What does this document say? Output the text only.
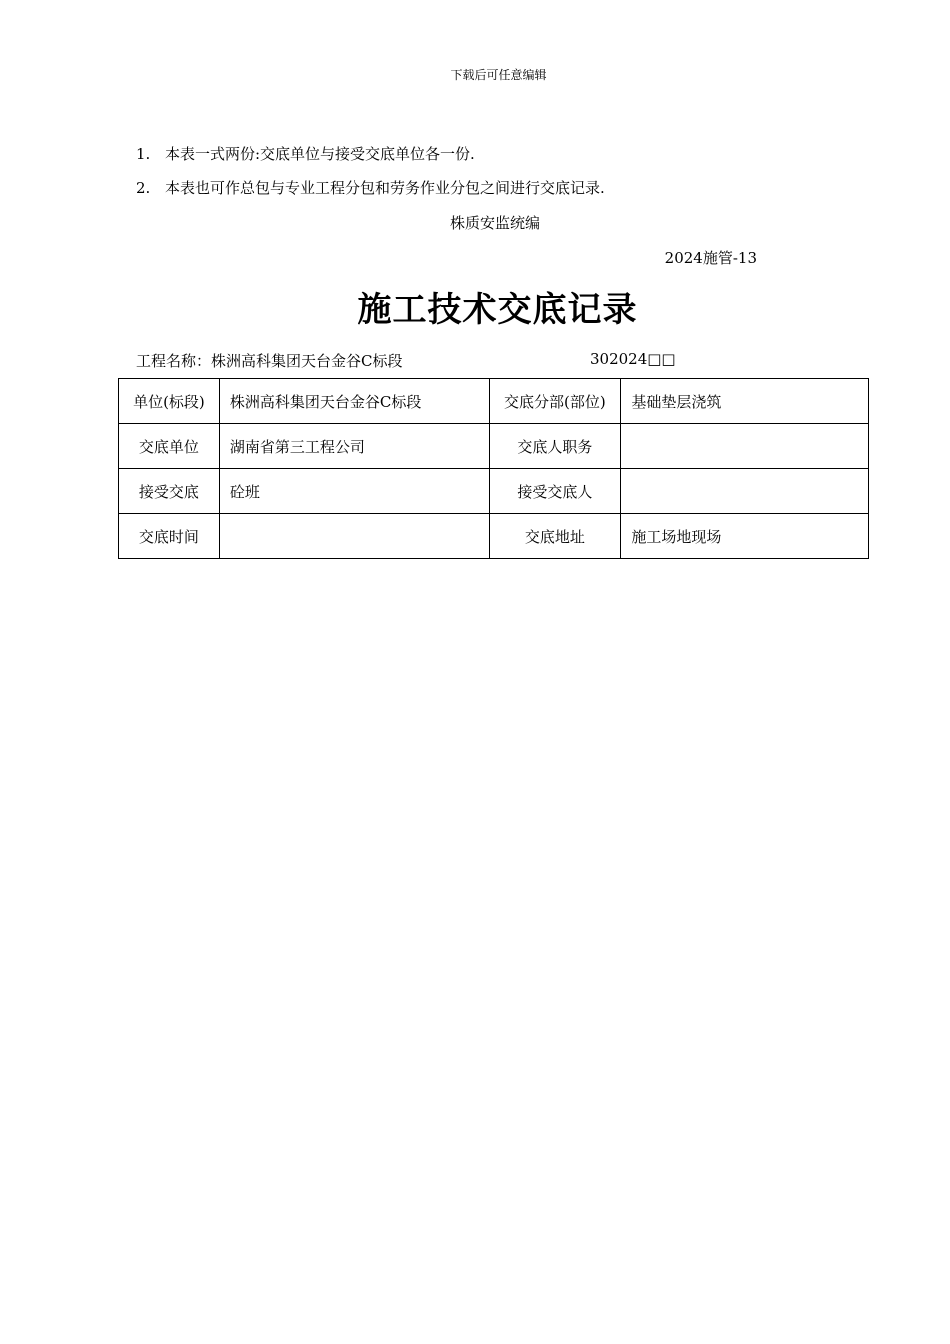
下载后可任意编辑
1. 本表一式两份:交底单位与接受交底单位各一份.
2. 本表也可作总包与专业工程分包和劳务作业分包之间进行交底记录.
株质安监统编
2024施管-13
施工技术交底记录
工程名称：株洲高科集团天台金谷C标段	302024□□
单位(标段)	株洲高科集团天台金谷C标段	交底分部(部位)	基础垫层浇筑
交底单位	湖南省第三工程公司	交底人职务	
接受交底	砼班	接受交底人	
交底时间		交底地址	施工场地现场
